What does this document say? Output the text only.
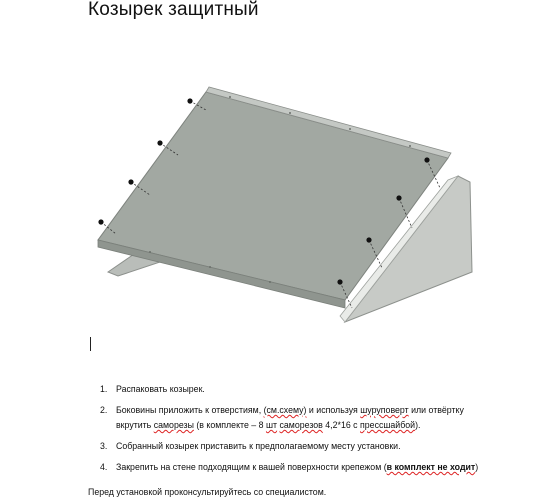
Козырек защитный
1. Распаковать козырек.
2. Боковины приложить к отверстиям, (см.схему) и используя шуруповерт или отвёртку вкрутить саморезы (в комплекте – 8 шт саморезов 4,2*16 с прессшайбой).
3. Собранный козырек приставить к предполагаемому месту установки.
4. Закрепить на стене подходящим к вашей поверхности крепежом (в комплект не ходит)
Перед установкой проконсультируйтесь со специалистом.
